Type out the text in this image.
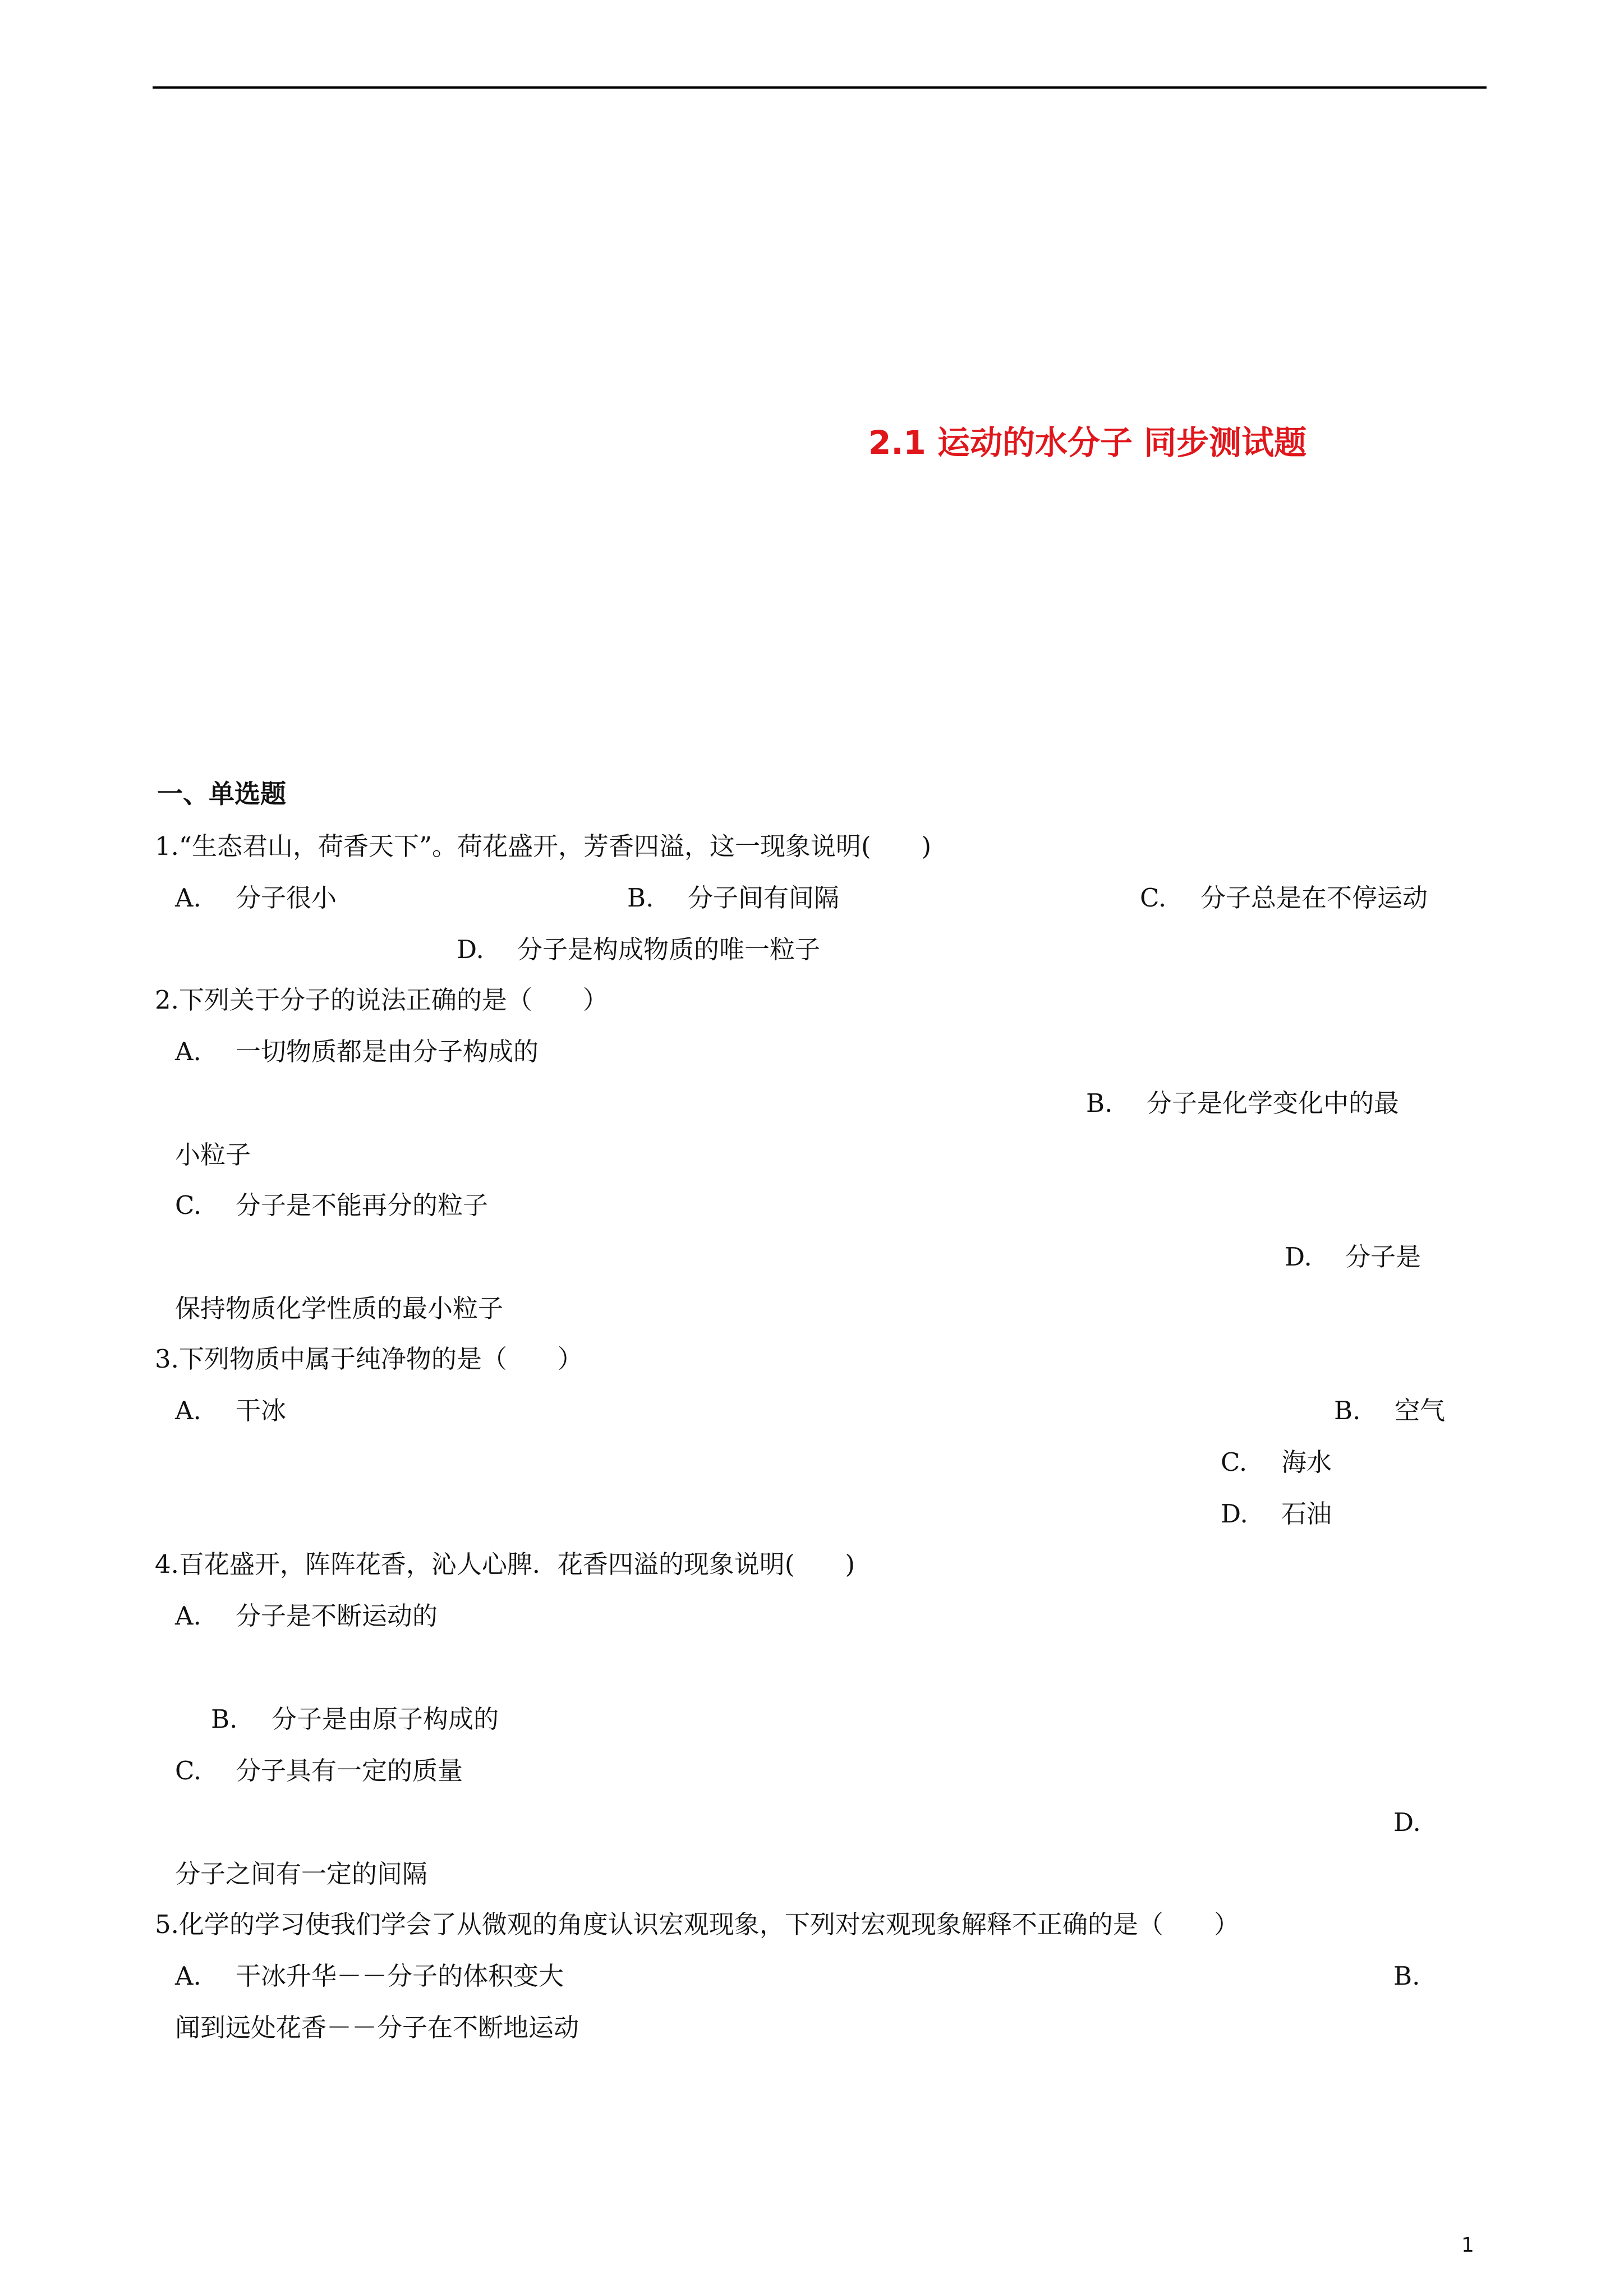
2.1 运动的水分子 同步测试题
一、单选题
1.“生态君山，荷香天下”。荷花盛开，芳香四溢，这一现象说明(　　)
A. 分子很小	B. 分子间有间隔	C. 分子总是在不停运动
D. 分子是构成物质的唯一粒子
2.下列关于分子的说法正确的是（　　）
A. 一切物质都是由分子构成的
B. 分子是化学变化中的最
小粒子
C. 分子是不能再分的粒子
D. 分子是
保持物质化学性质的最小粒子
3.下列物质中属于纯净物的是（　　）
A. 干冰	B. 空气
C. 海水
D. 石油
4.百花盛开，阵阵花香，沁人心脾．花香四溢的现象说明(　　)
A. 分子是不断运动的
B. 分子是由原子构成的
C. 分子具有一定的质量
D.
分子之间有一定的间隔
5.化学的学习使我们学会了从微观的角度认识宏观现象，下列对宏观现象解释不正确的是（　　）
A. 干冰升华－－分子的体积变大	B.
闻到远处花香－－分子在不断地运动
1
